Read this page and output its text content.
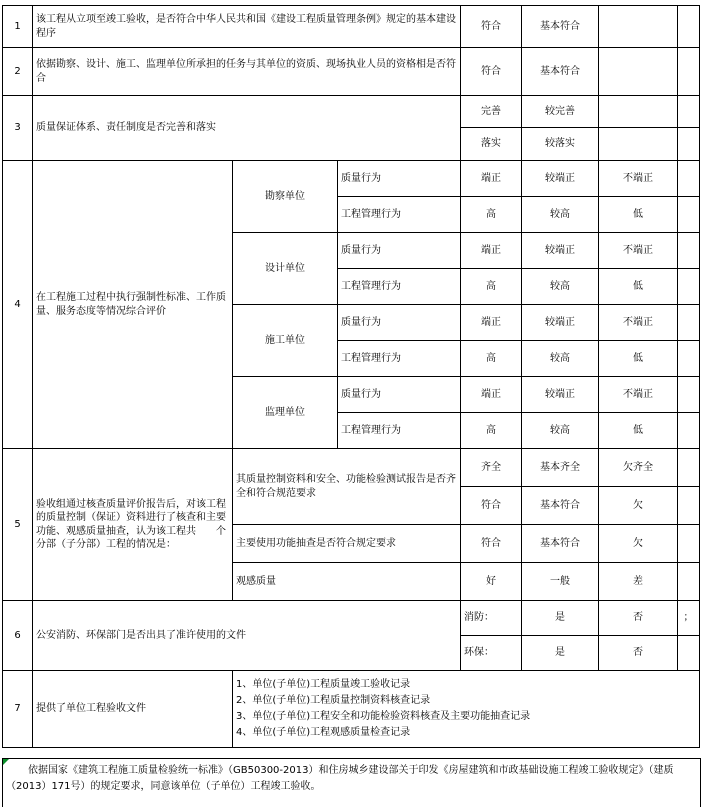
1	该工程从立项至竣工验收，是否符合中华人民共和国《建设工程质量管理条例》规定的基本建设程序			符合	基本符合		
2	依据勘察、设计、施工、监理单位所承担的任务与其单位的资质、现场执业人员的资格相是否符合			符合	基本符合		
3	质量保证体系、责任制度是否完善和落实			完善	较完善		
				落实	较落实		
4	在工程施工过程中执行强制性标准、工作质量、服务态度等情况综合评价	勘察单位	质量行为	端正	较端正	不端正	
			工程管理行为	高	较高	低	
		设计单位	质量行为	端正	较端正	不端正	
			工程管理行为	高	较高	低	
		施工单位	质量行为	端正	较端正	不端正	
			工程管理行为	高	较高	低	
		监理单位	质量行为	端正	较端正	不端正	
			工程管理行为	高	较高	低	
5	验收组通过核查质量评价报告后，对该工程的质量控制（保证）资料进行了核查和主要功能、观感质量抽查，认为该工程共　　个分部（子分部）工程的情况是：	其质量控制资料和安全、功能检验测试报告是否齐全和符合规范要求		齐全	基本齐全	欠齐全	
				符合	基本符合	欠	
		主要使用功能抽查是否符合规定要求		符合	基本符合	欠	
		观感质量		好	一般	差	
6	公安消防、环保部门是否出具了准许使用的文件			消防：	是	否	；
				环保：	是	否	
7	提供了单位工程验收文件	1、单位(子单位)工程质量竣工验收记录
2、单位(子单位)工程质量控制资料核查记录
3、单位(子单位)工程安全和功能检验资料核查及主要功能抽查记录
4、单位(子单位)工程观感质量检查记录					

依据国家《建筑工程施工质量检验统一标准》（GB50300-2013）和住房城乡建设部关于印发《房屋建筑和市政基础设施工程竣工验收规定》（建质（2013）171号）的规定要求，同意该单位（子单位）工程竣工验收。
